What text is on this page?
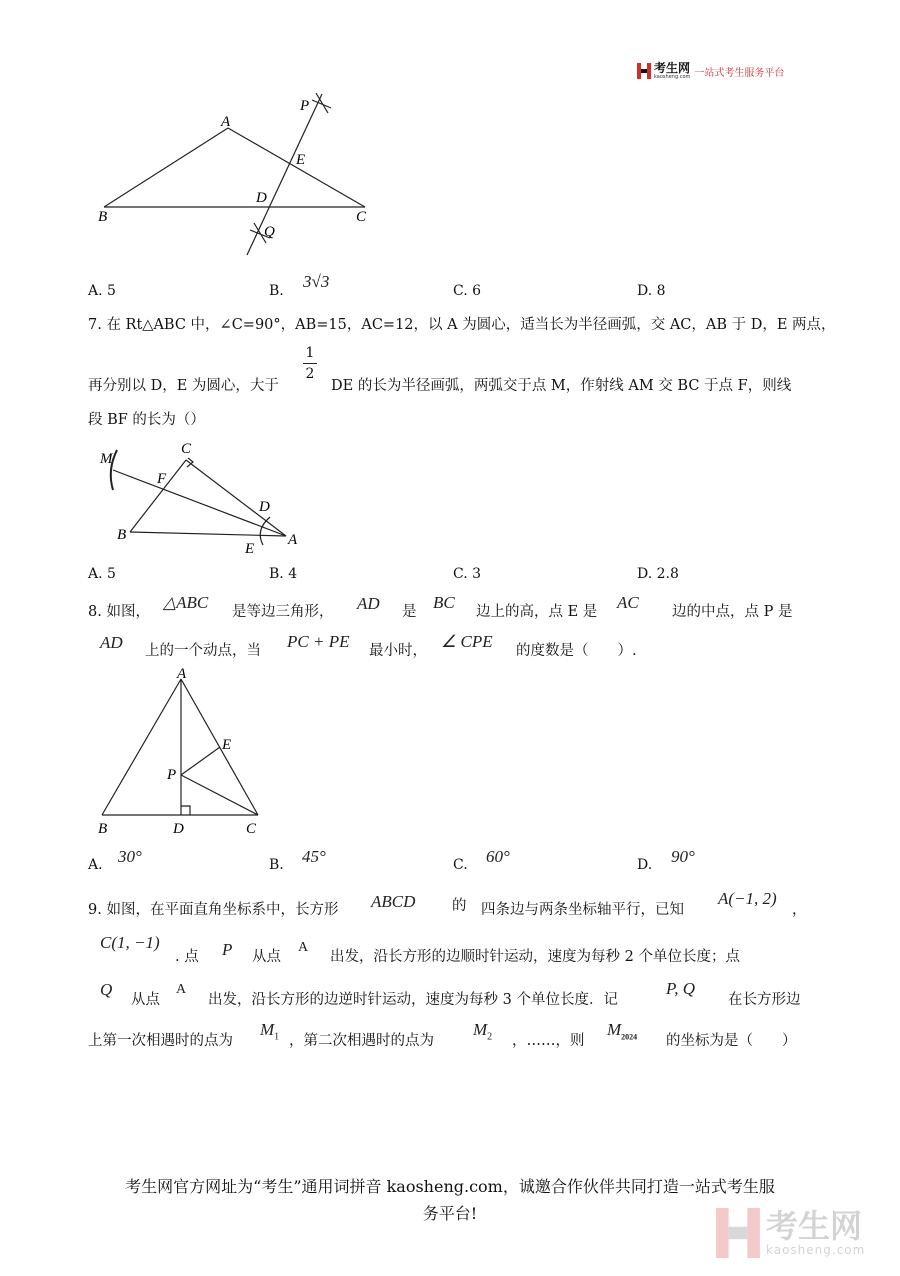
考生网
kaosheng.com 一站式考生服务平台
A
B	C
D
E
P
Q
A. 5	B. 3√3	C. 6	D. 8
7. 在 Rt△ABC 中，∠C=90°，AB=15，AC=12，以 A 为圆心，适当长为半径画弧，交 AC，AB 于 D，E 两点，
1
2
再分别以 D，E 为圆心，大于	DE 的长为半径画弧，两弧交于点 M，作射线 AM 交 BC 于点 F，则线
段 BF 的长为（）
C
M
F
D
B
E
A
A. 5	B. 4	C. 3	D. 2.8
8. 如图， △ABC 是等边三角形， AD 是 BC 边上的高，点 E 是 AC 边的中点，点 P 是
AD 上的一个动点，当 PC + PE 最小时， ∠ CPE 的度数是（　　）.
A
E
P
B	D	C
A. 30°	B. 45°	C. 60°	D. 90°
9. 如图，在平面直角坐标系中，长方形 ABCD	的 四条边与两条坐标轴平行，已知
A(−1, 2)
，
C(1, −1)
. 点 P 从点
A
出发，沿长方形的边顺时针运动，速度为每秒 2 个单位长度；点
Q
从点
A
出发，沿长方形的边逆时针运动，速度为每秒 3 个单位长度．记
P, Q
在长方形边
上第一次相遇时的点为
$M_1$ ，第二次相遇时的点为
$M_2$ ，……，则
$M_{2024}$ 的坐标为是（　　）
考生网官方网址为“考生”通用词拼音 kaosheng.com，诚邀合作伙伴共同打造一站式考生服
务平台!	考生网
kaosheng.com
